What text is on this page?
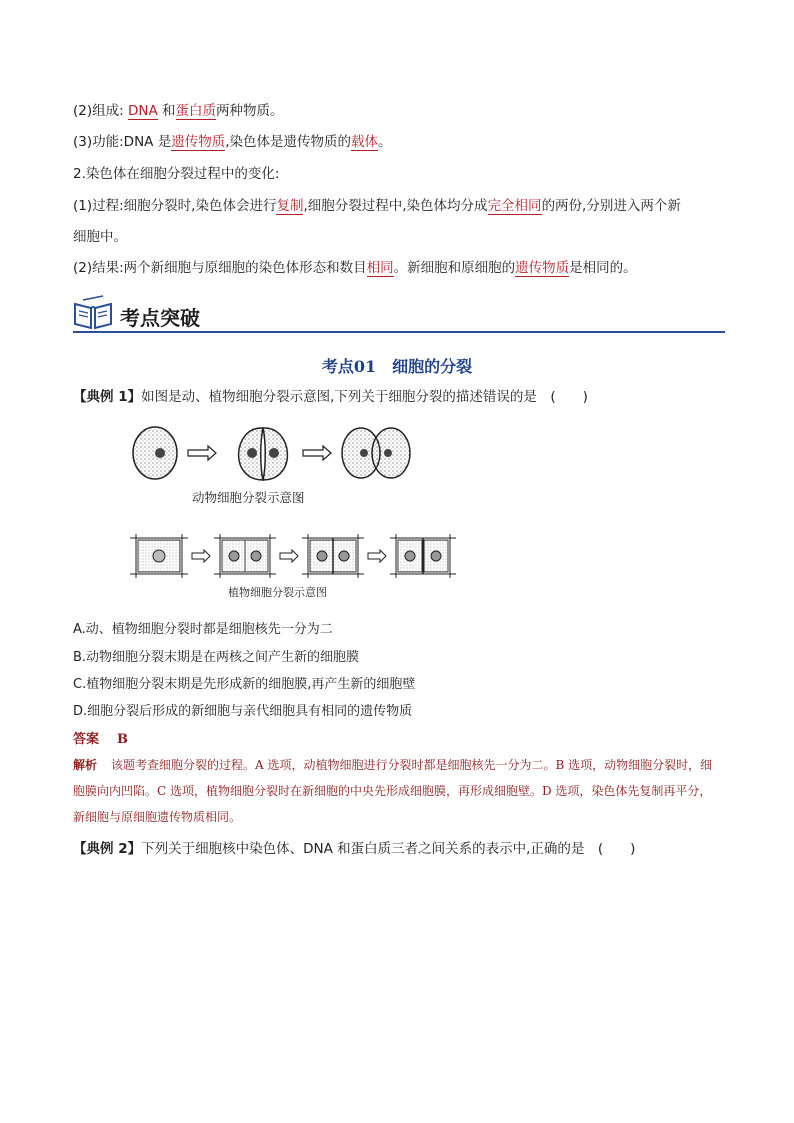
(2)组成: DNA 和蛋白质两种物质。
(3)功能:DNA 是遗传物质,染色体是遗传物质的载体。
2.染色体在细胞分裂过程中的变化:
(1)过程:细胞分裂时,染色体会进行复制,细胞分裂过程中,染色体均分成完全相同的两份,分别进入两个新
细胞中。
(2)结果:两个新细胞与原细胞的染色体形态和数目相同。新细胞和原细胞的遗传物质是相同的。
考点突破
考点01　细胞的分裂
【典例 1】如图是动、植物细胞分裂示意图,下列关于细胞分裂的描述错误的是　(　　)
动物细胞分裂示意图
植物细胞分裂示意图
A.动、植物细胞分裂时都是细胞核先一分为二
B.动物细胞分裂末期是在两核之间产生新的细胞膜
C.植物细胞分裂末期是先形成新的细胞膜,再产生新的细胞壁
D.细胞分裂后形成的新细胞与亲代细胞具有相同的遗传物质
答案 B
解析 该题考查细胞分裂的过程。A 选项，动植物细胞进行分裂时都是细胞核先一分为二。B 选项，动物细胞分裂时，细胞膜向内凹陷。C 选项，植物细胞分裂时在新细胞的中央先形成细胞膜，再形成细胞壁。D 选项，染色体先复制再平分，新细胞与原细胞遗传物质相同。
【典例 2】下列关于细胞核中染色体、DNA 和蛋白质三者之间关系的表示中,正确的是　(　　)
